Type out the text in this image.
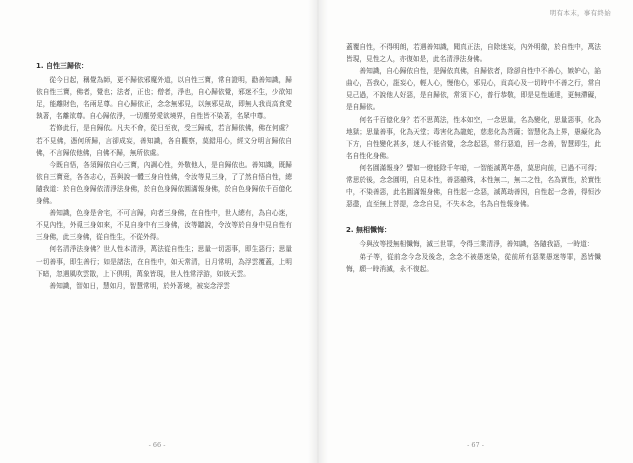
1. 自性三歸依：

從今日起，稱覺為師，更不歸依邪魔外道，以自性三寶，常自證明，勸善知識，歸依自性三寶，佛者，覺也；法者，正也；僧者，淨也，自心歸依覺，邪迷不生，少欲知足，能離財色，名兩足尊。自心歸依正，念念無邪見，以無邪見故，即無人我貢高貪愛執著，名離欲尊。自心歸依淨，一切塵勞愛欲境界，自性皆不染著，名眾中尊。

若修此行，是自歸依。凡夫不會，從日至夜，受三歸戒，若言歸依佛，佛在何處？若不見佛，憑何所歸，言卻成妄，善知識，各自觀察，莫錯用心，經文分明言歸依自佛，不言歸依他佛，自佛不歸，無所依處。

今既自悟，各須歸依自心三寶，內調心性，外敬他人，是自歸依也。善知識，既歸依自三寶竟，各各志心，吾與說一體三身自性佛，令汝等見三身，了了然自悟自性，總隨我道：於自色身歸依清淨法身佛，於自色身歸依圓滿報身佛，於自色身歸依千百億化身佛。

善知識，色身是舍宅，不可言歸，向者三身佛，在自性中，世人總有，為自心迷，不見內性，外覓三身如來，不見自身中有三身佛，汝等聽說，令汝等於自身中見自性有三身佛，此三身佛，從自性生，不從外得。

何名清淨法身佛？世人性本清淨，萬法從自性生；思量一切惡事，即生惡行；思量一切善事，即生善行；如是諸法，在自性中，如天常清，日月常明，為浮雲覆蓋，上明下暗，忽遇風吹雲散，上下俱明，萬象皆現，世人性常浮游，如彼天雲。

善知識，智如日，慧如月，智慧常明，於外著境，被妄念浮雲

- 66 -
明有本末，事有終始

蓋覆自性，不得明朗，若遇善知識，聞真正法，自除迷妄，內外明徹，於自性中，萬法皆現，見性之人，亦復如是，此名清淨法身佛。

善知識，自心歸依自性，是歸依真佛，自歸依者，除卻自性中不善心，嫉妒心，諂曲心，吾我心，誑妄心，輕人心，慢他心，邪見心，貢高心及一切時中不善之行，常自見己過，不說他人好惡，是自歸依，常須下心，普行恭敬，即是見性通達，更無滯礙，是自歸依。

何名千百億化身？若不思萬法，性本如空，一念思量，名為變化，思量惡事，化為地獄；思量善事，化為天堂；毒害化為龍蛇，慈悲化為菩薩；智慧化為上界，愚癡化為下方，自性變化甚多，迷人不能省覺，念念起惡，常行惡道，回一念善，智慧即生，此名自性化身佛。

何名圓滿報身？譬如一燈能除千年暗，一智能滅萬年愚，莫思向前，已過不可得；常思於後，念念圓明，自見本性，善惡雖殊，本性無二，無二之性，名為實性，於實性中，不染善惡，此名圓滿報身佛，自性起一念惡，滅萬劫善因，自性起一念善，得恒沙惡盡，直至無上菩提，念念自見，不失本念，名為自性報身佛。

2. 無相懺悔：

今與汝等授無相懺悔，滅三世罪，令得三業清淨，善知識，各隨我語，一時道：

弟子等，從前念今念及後念，念念不被愚迷染，從前所有惡業愚迷等罪，悉皆懺悔，願一時消滅，永不復起。

- 67 -
